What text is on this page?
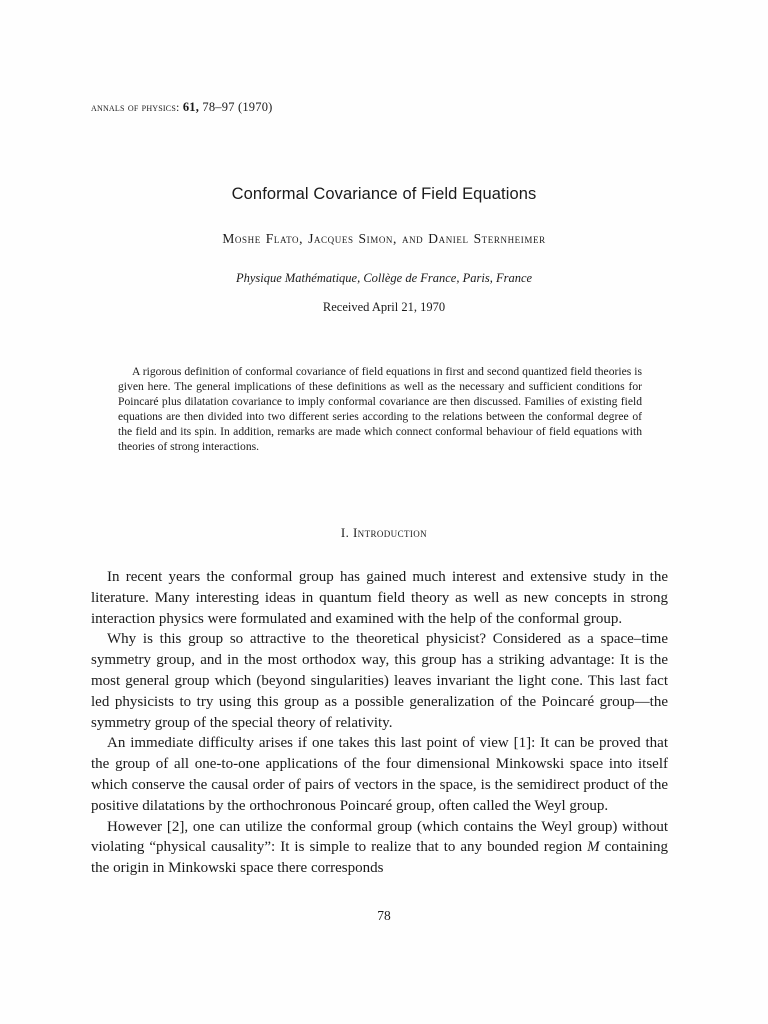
annals of physics: 61, 78–97 (1970)
Conformal Covariance of Field Equations
Moshe Flato, Jacques Simon, and Daniel Sternheimer
Physique Mathématique, Collège de France, Paris, France
Received April 21, 1970
A rigorous definition of conformal covariance of field equations in first and second quantized field theories is given here. The general implications of these definitions as well as the necessary and sufficient conditions for Poincaré plus dilatation covariance to imply conformal covariance are then discussed. Families of existing field equations are then divided into two different series according to the relations between the conformal degree of the field and its spin. In addition, remarks are made which connect conformal behaviour of field equations with theories of strong interactions.
I. Introduction

In recent years the conformal group has gained much interest and extensive study in the literature. Many interesting ideas in quantum field theory as well as new concepts in strong interaction physics were formulated and examined with the help of the conformal group.

Why is this group so attractive to the theoretical physicist? Considered as a space–time symmetry group, and in the most orthodox way, this group has a striking advantage: It is the most general group which (beyond singularities) leaves invariant the light cone. This last fact led physicists to try using this group as a possible generalization of the Poincaré group—the symmetry group of the special theory of relativity.

An immediate difficulty arises if one takes this last point of view [1]: It can be proved that the group of all one-to-one applications of the four dimensional Minkowski space into itself which conserve the causal order of pairs of vectors in the space, is the semidirect product of the positive dilatations by the orthochronous Poincaré group, often called the Weyl group.

However [2], one can utilize the conformal group (which contains the Weyl group) without violating “physical causality”: It is simple to realize that to any bounded region M containing the origin in Minkowski space there corresponds

78
